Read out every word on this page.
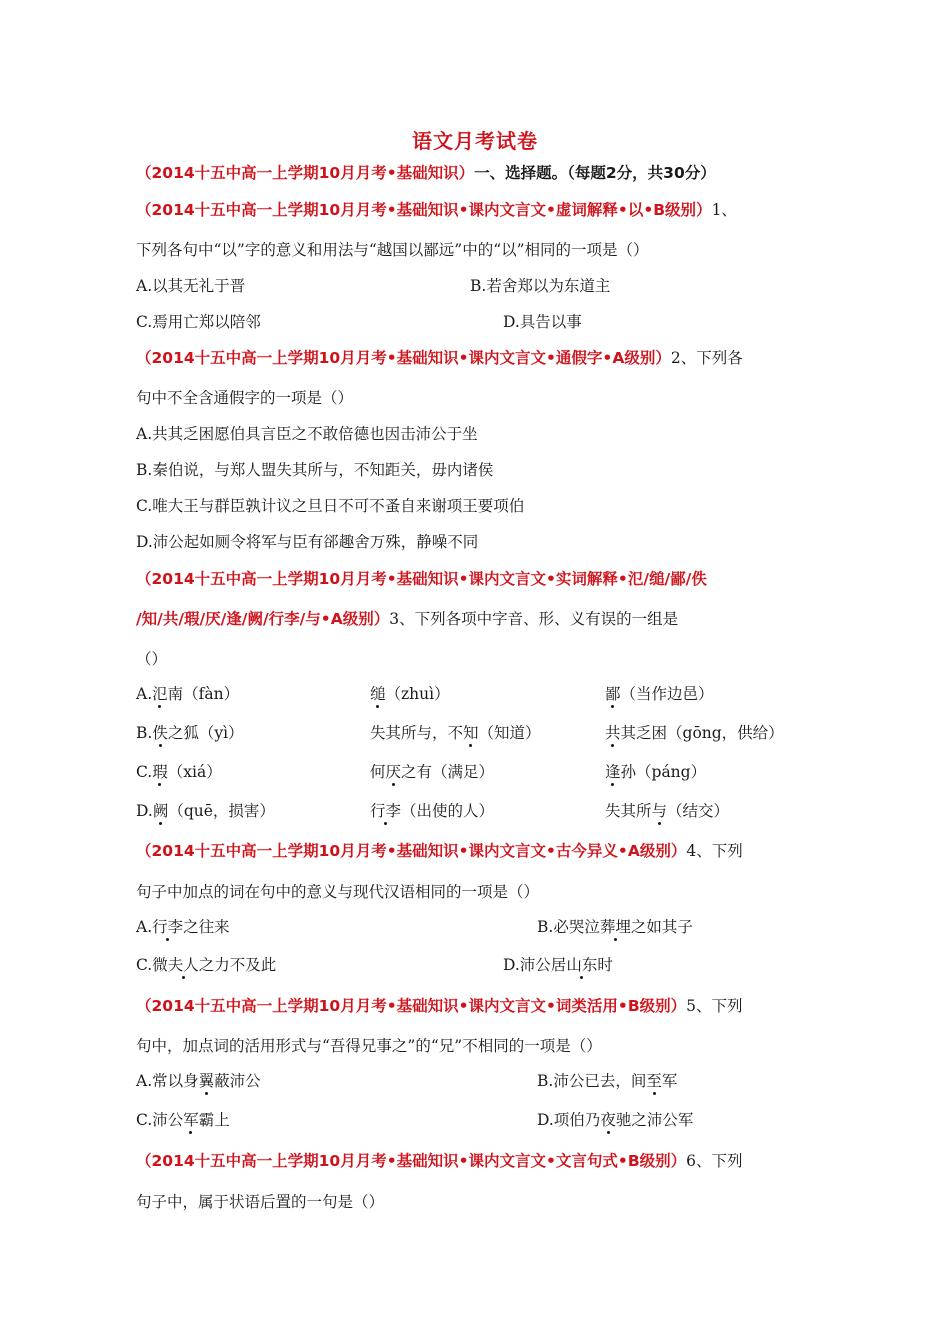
语文月考试卷
（2014十五中高一上学期10月月考•基础知识）一、选择题。（每题2分，共30分）
（2014十五中高一上学期10月月考•基础知识•课内文言文•虚词解释•以•B级别）1、
下列各句中“以”字的意义和用法与“越国以鄙远”中的“以”相同的一项是（）
A.以其无礼于晋	B.若舍郑以为东道主
C.焉用亡郑以陪邻	D.具告以事
（2014十五中高一上学期10月月考•基础知识•课内文言文•通假字•A级别）2、下列各
句中不全含通假字的一项是（）
A.共其乏困愿伯具言臣之不敢倍德也因击沛公于坐
B.秦伯说，与郑人盟失其所与，不知距关，毋内诸侯
C.唯大王与群臣孰计议之旦日不可不蚤自来谢项王要项伯
D.沛公起如厕令将军与臣有郤趣舍万殊，静噪不同
（2014十五中高一上学期10月月考•基础知识•课内文言文•实词解释•氾/缒/鄙/佚
/知/共/瑕/厌/逢/阙/行李/与•A级别）3、下列各项中字音、形、义有误的一组是
（）
A.氾南（fàn）	缒（zhuì）	鄙（当作边邑）
B.佚之狐（yì）	失其所与，不知（知道）	共其乏困（gōng，供给）
C.瑕（xiá）	何厌之有（满足）	逢孙（páng）
D.阙（quē，损害）	行李（出使的人）	失其所与（结交）
（2014十五中高一上学期10月月考•基础知识•课内文言文•古今异义•A级别）4、下列
句子中加点的词在句中的意义与现代汉语相同的一项是（）
A.行李之往来	B.必哭泣葬埋之如其子
C.微夫人之力不及此	D.沛公居山东时
（2014十五中高一上学期10月月考•基础知识•课内文言文•词类活用•B级别）5、下列
句中，加点词的活用形式与“吾得兄事之”的“兄”不相同的一项是（）
A.常以身翼蔽沛公	B.沛公已去，间至军
C.沛公军霸上	D.项伯乃夜驰之沛公军
（2014十五中高一上学期10月月考•基础知识•课内文言文•文言句式•B级别）6、下列
句子中，属于状语后置的一句是（）
